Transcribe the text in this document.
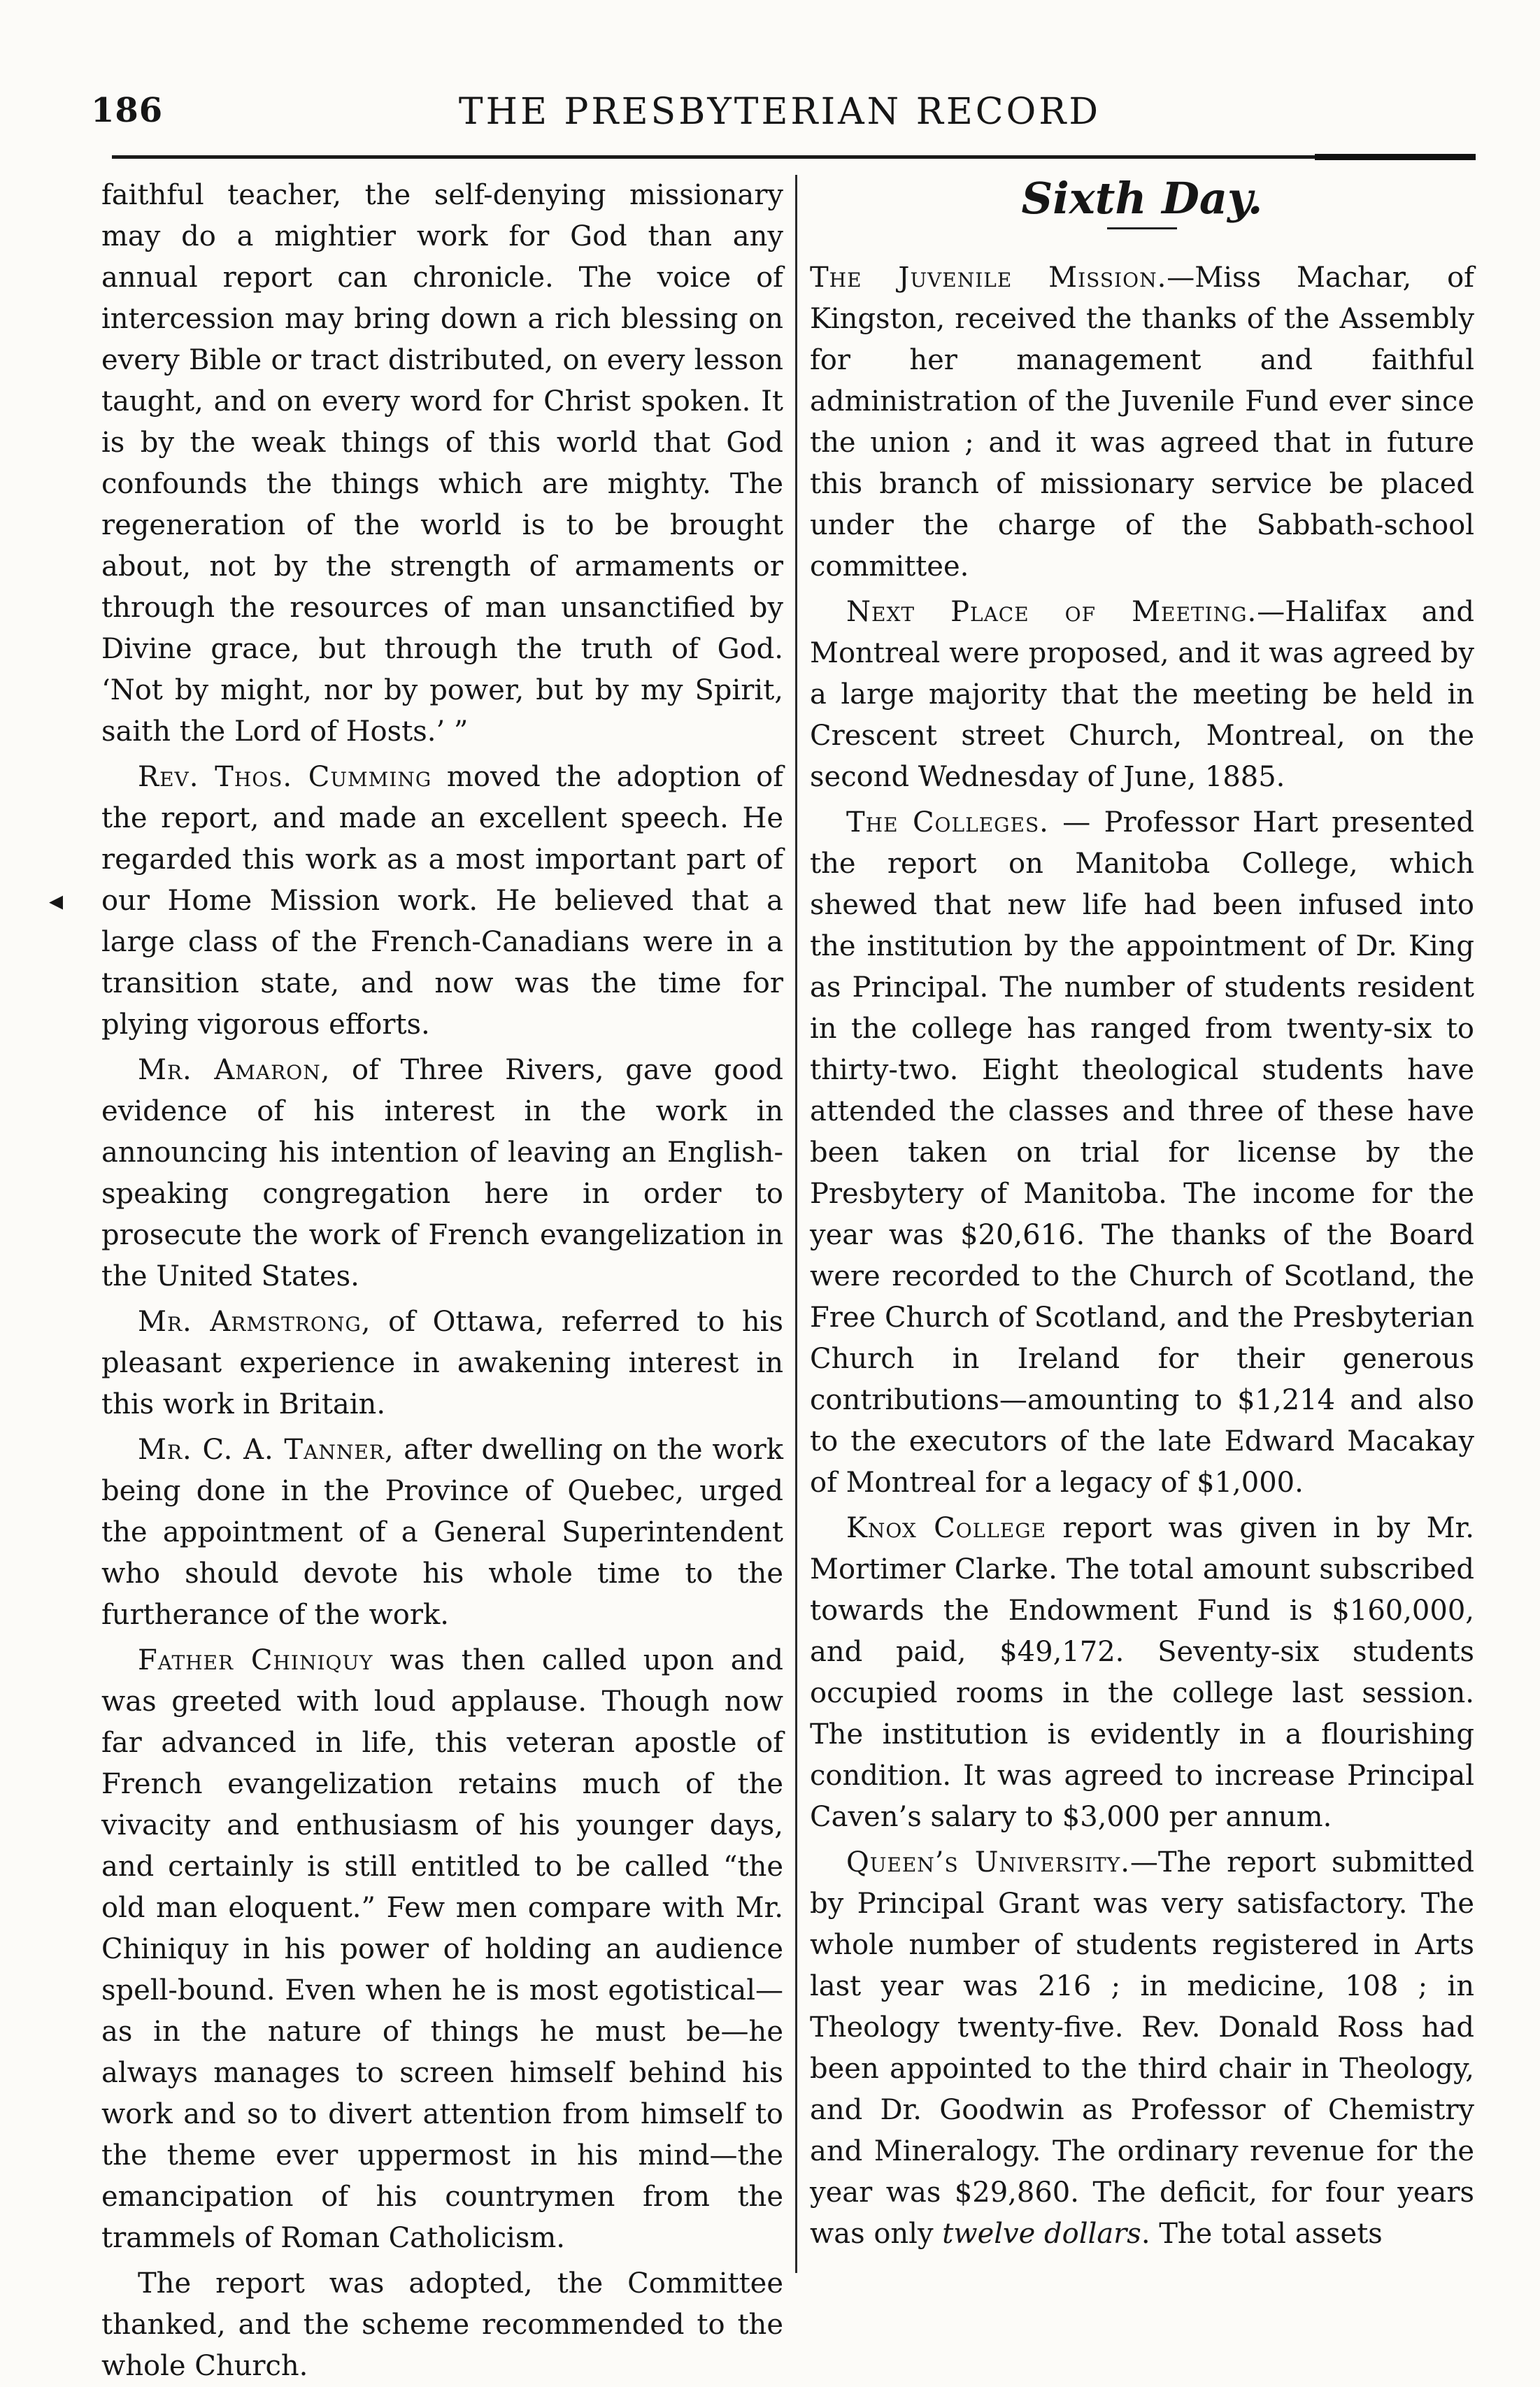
186	THE PRESBYTERIAN RECORD
◂

faithful teacher, the self-denying missionary may do a mightier work for God than any annual report can chronicle. The voice of intercession may bring down a rich blessing on every Bible or tract distributed, on every lesson taught, and on every word for Christ spoken. It is by the weak things of this world that God confounds the things which are mighty. The regeneration of the world is to be brought about, not by the strength of armaments or through the resources of man unsanctified by Divine grace, but through the truth of God. ‘Not by might, nor by power, but by my Spirit, saith the Lord of Hosts.’ ”

Rev. Thos. Cumming moved the adoption of the report, and made an excellent speech. He regarded this work as a most important part of our Home Mission work. He believed that a large class of the French-Canadians were in a transition state, and now was the time for plying vigorous efforts.

Mr. Amaron, of Three Rivers, gave good evidence of his interest in the work in announcing his intention of leaving an English-speaking congregation here in order to prosecute the work of French evangelization in the United States.

Mr. Armstrong, of Ottawa, referred to his pleasant experience in awakening interest in this work in Britain.

Mr. C. A. Tanner, after dwelling on the work being done in the Province of Quebec, urged the appointment of a General Superintendent who should devote his whole time to the furtherance of the work.

Father Chiniquy was then called upon and was greeted with loud applause. Though now far advanced in life, this veteran apostle of French evangelization retains much of the vivacity and enthusiasm of his younger days, and certainly is still entitled to be called “the old man eloquent.” Few men compare with Mr. Chiniquy in his power of holding an audience spell-bound. Even when he is most egotistical—as in the nature of things he must be—he always manages to screen himself behind his work and so to divert attention from himself to the theme ever uppermost in his mind—the emancipation of his countrymen from the trammels of Roman Catholicism.

The report was adopted, the Committee thanked, and the scheme recommended to the whole Church.

Sixth Day.

The Juvenile Mission.—Miss Machar, of Kingston, received the thanks of the Assembly for her management and faithful administration of the Juvenile Fund ever since the union ; and it was agreed that in future this branch of missionary service be placed under the charge of the Sabbath-school committee.

Next Place of Meeting.—Halifax and Montreal were proposed, and it was agreed by a large majority that the meeting be held in Crescent street Church, Montreal, on the second Wednesday of June, 1885.

The Colleges. — Professor Hart presented the report on Manitoba College, which shewed that new life had been infused into the institution by the appointment of Dr. King as Principal. The number of students resident in the college has ranged from twenty-six to thirty-two. Eight theological students have attended the classes and three of these have been taken on trial for license by the Presbytery of Manitoba. The income for the year was $20,616. The thanks of the Board were recorded to the Church of Scotland, the Free Church of Scotland, and the Presbyterian Church in Ireland for their generous contributions—amounting to $1,214 and also to the executors of the late Edward Macakay of Montreal for a legacy of $1,000.

Knox College report was given in by Mr. Mortimer Clarke. The total amount subscribed towards the Endowment Fund is $160,000, and paid, $49,172. Seventy-six students occupied rooms in the college last session. The institution is evidently in a flourishing condition. It was agreed to increase Principal Caven’s salary to $3,000 per annum.

Queen’s University.—The report submitted by Principal Grant was very satisfactory. The whole number of students registered in Arts last year was 216 ; in medicine, 108 ; in Theology twenty-five. Rev. Donald Ross had been appointed to the third chair in Theology, and Dr. Goodwin as Professor of Chemistry and Mineralogy. The ordinary revenue for the year was $29,860. The deficit, for four years was only twelve dollars. The total assets
